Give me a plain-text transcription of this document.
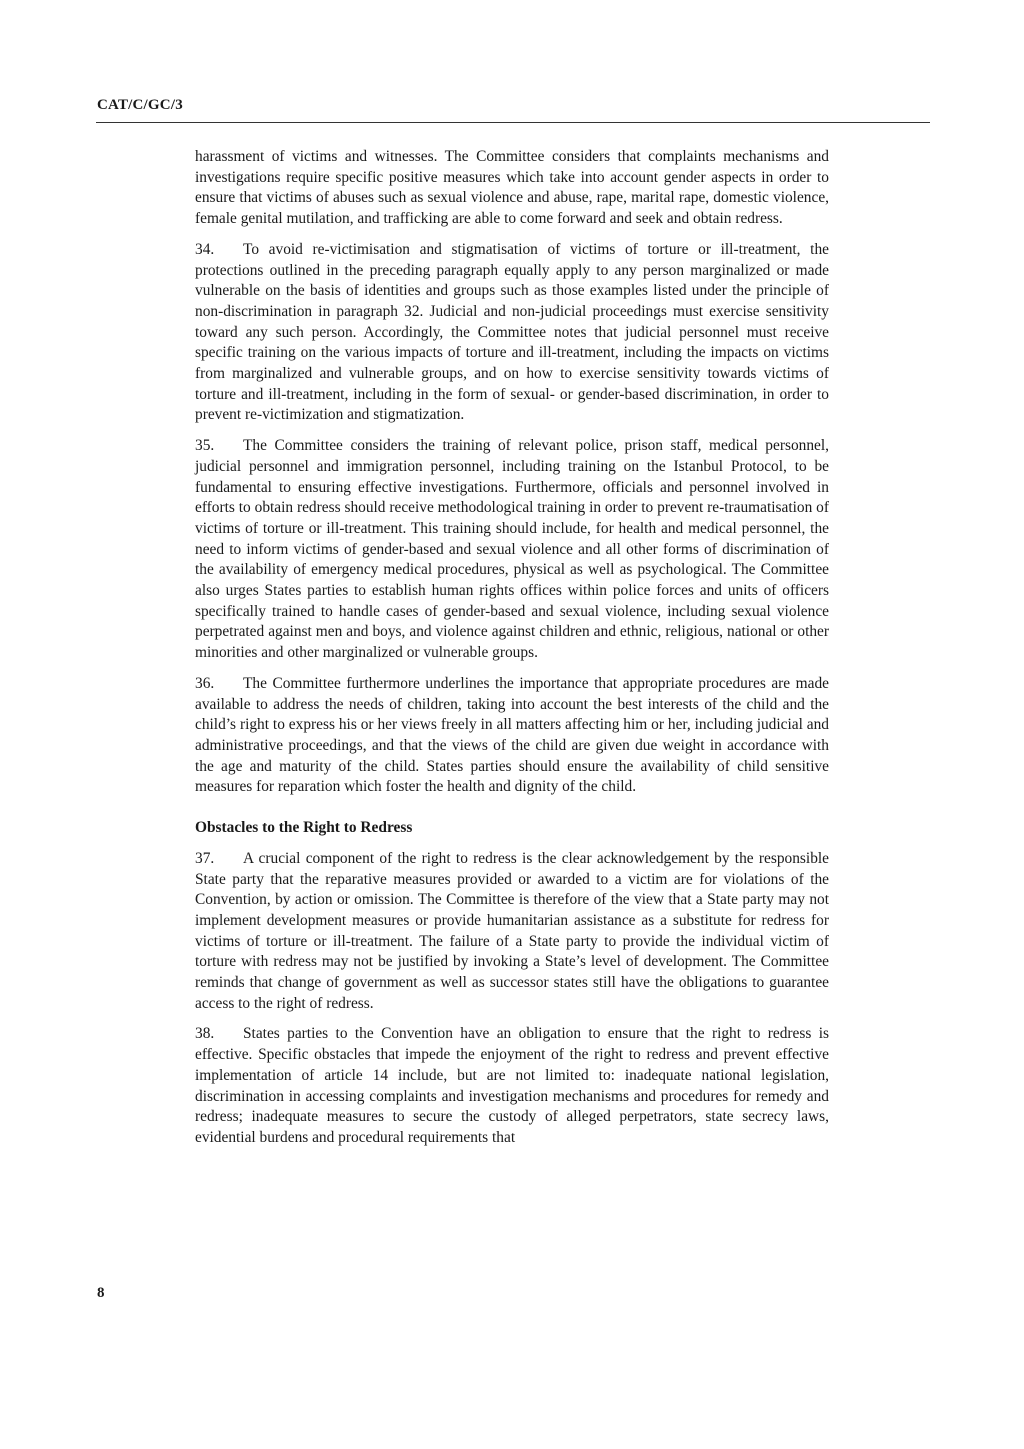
CAT/C/GC/3

harassment of victims and witnesses. The Committee considers that complaints mechanisms and investigations require specific positive measures which take into account gender aspects in order to ensure that victims of abuses such as sexual violence and abuse, rape, marital rape, domestic violence, female genital mutilation, and trafficking are able to come forward and seek and obtain redress.

34. To avoid re-victimisation and stigmatisation of victims of torture or ill-treatment, the protections outlined in the preceding paragraph equally apply to any person marginalized or made vulnerable on the basis of identities and groups such as those examples listed under the principle of non-discrimination in paragraph 32. Judicial and non-judicial proceedings must exercise sensitivity toward any such person. Accordingly, the Committee notes that judicial personnel must receive specific training on the various impacts of torture and ill-treatment, including the impacts on victims from marginalized and vulnerable groups, and on how to exercise sensitivity towards victims of torture and ill-treatment, including in the form of sexual- or gender-based discrimination, in order to prevent re-victimization and stigmatization.

35. The Committee considers the training of relevant police, prison staff, medical personnel, judicial personnel and immigration personnel, including training on the Istanbul Protocol, to be fundamental to ensuring effective investigations. Furthermore, officials and personnel involved in efforts to obtain redress should receive methodological training in order to prevent re-traumatisation of victims of torture or ill-treatment. This training should include, for health and medical personnel, the need to inform victims of gender-based and sexual violence and all other forms of discrimination of the availability of emergency medical procedures, physical as well as psychological. The Committee also urges States parties to establish human rights offices within police forces and units of officers specifically trained to handle cases of gender-based and sexual violence, including sexual violence perpetrated against men and boys, and violence against children and ethnic, religious, national or other minorities and other marginalized or vulnerable groups.

36. The Committee furthermore underlines the importance that appropriate procedures are made available to address the needs of children, taking into account the best interests of the child and the child’s right to express his or her views freely in all matters affecting him or her, including judicial and administrative proceedings, and that the views of the child are given due weight in accordance with the age and maturity of the child. States parties should ensure the availability of child sensitive measures for reparation which foster the health and dignity of the child.

Obstacles to the Right to Redress

37. A crucial component of the right to redress is the clear acknowledgement by the responsible State party that the reparative measures provided or awarded to a victim are for violations of the Convention, by action or omission. The Committee is therefore of the view that a State party may not implement development measures or provide humanitarian assistance as a substitute for redress for victims of torture or ill-treatment. The failure of a State party to provide the individual victim of torture with redress may not be justified by invoking a State’s level of development. The Committee reminds that change of government as well as successor states still have the obligations to guarantee access to the right of redress.

38. States parties to the Convention have an obligation to ensure that the right to redress is effective. Specific obstacles that impede the enjoyment of the right to redress and prevent effective implementation of article 14 include, but are not limited to: inadequate national legislation, discrimination in accessing complaints and investigation mechanisms and procedures for remedy and redress; inadequate measures to secure the custody of alleged perpetrators, state secrecy laws, evidential burdens and procedural requirements that

8
